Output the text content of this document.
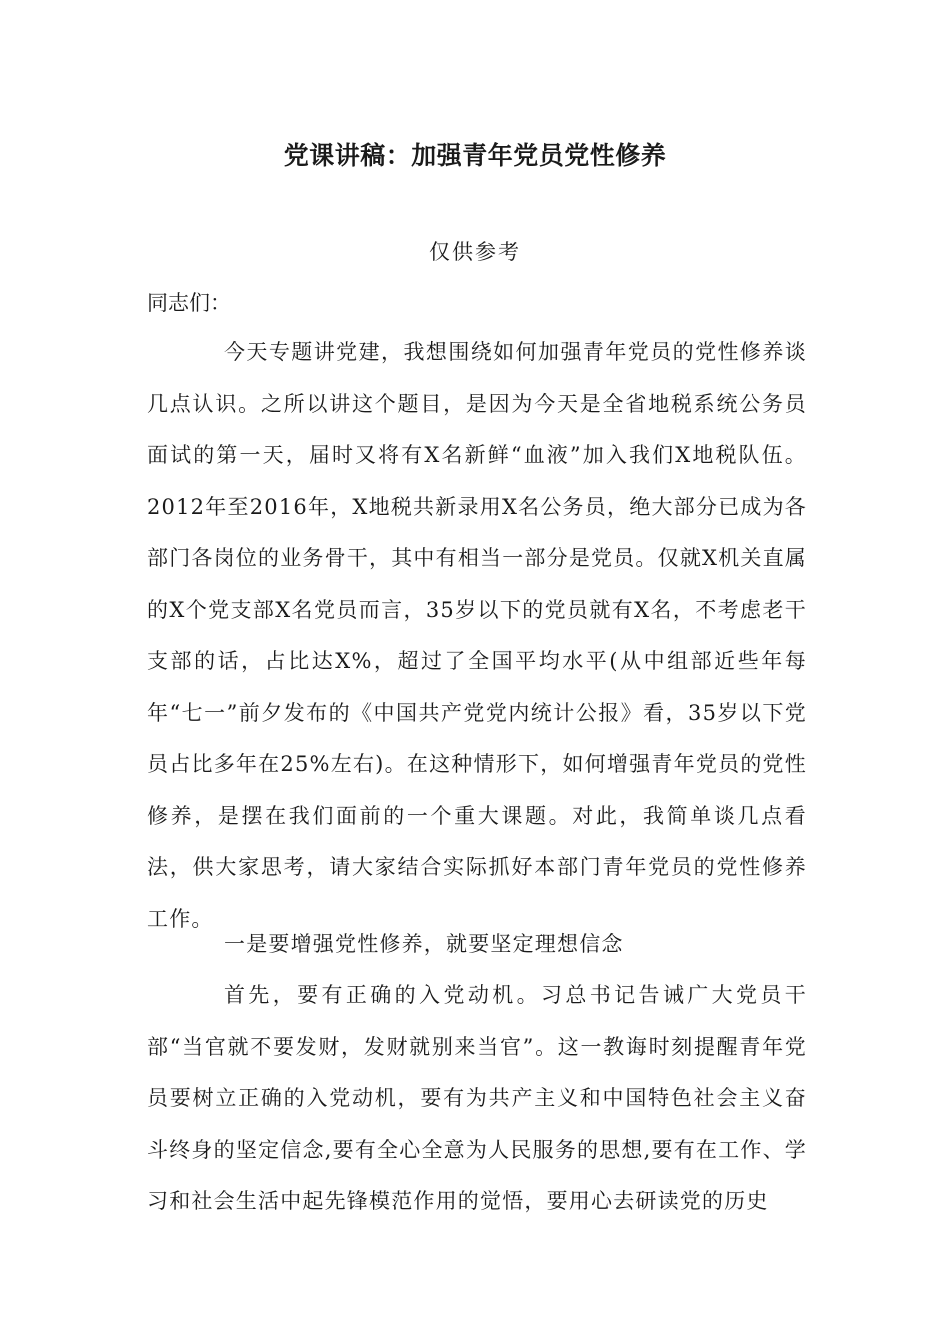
党课讲稿：加强青年党员党性修养

仅供参考

同志们：

今天专题讲党建，我想围绕如何加强青年党员的党性修养谈几点认识。之所以讲这个题目，是因为今天是全省地税系统公务员面试的第一天，届时又将有X名新鲜“血液”加入我们X地税队伍。2012年至2016年，X地税共新录用X名公务员，绝大部分已成为各部门各岗位的业务骨干，其中有相当一部分是党员。仅就X机关直属的X个党支部X名党员而言，35岁以下的党员就有X名，不考虑老干支部的话，占比达X%，超过了全国平均水平(从中组部近些年每年“七一”前夕发布的《中国共产党党内统计公报》看，35岁以下党员占比多年在25%左右)。在这种情形下，如何增强青年党员的党性修养，是摆在我们面前的一个重大课题。对此，我简单谈几点看法，供大家思考，请大家结合实际抓好本部门青年党员的党性修养工作。

一是要增强党性修养，就要坚定理想信念

首先，要有正确的入党动机。习总书记告诫广大党员干部“当官就不要发财，发财就别来当官”。这一教诲时刻提醒青年党员要树立正确的入党动机，要有为共产主义和中国特色社会主义奋斗终身的坚定信念,要有全心全意为人民服务的思想,要有在工作、学习和社会生活中起先锋模范作用的觉悟，要用心去研读党的历史
